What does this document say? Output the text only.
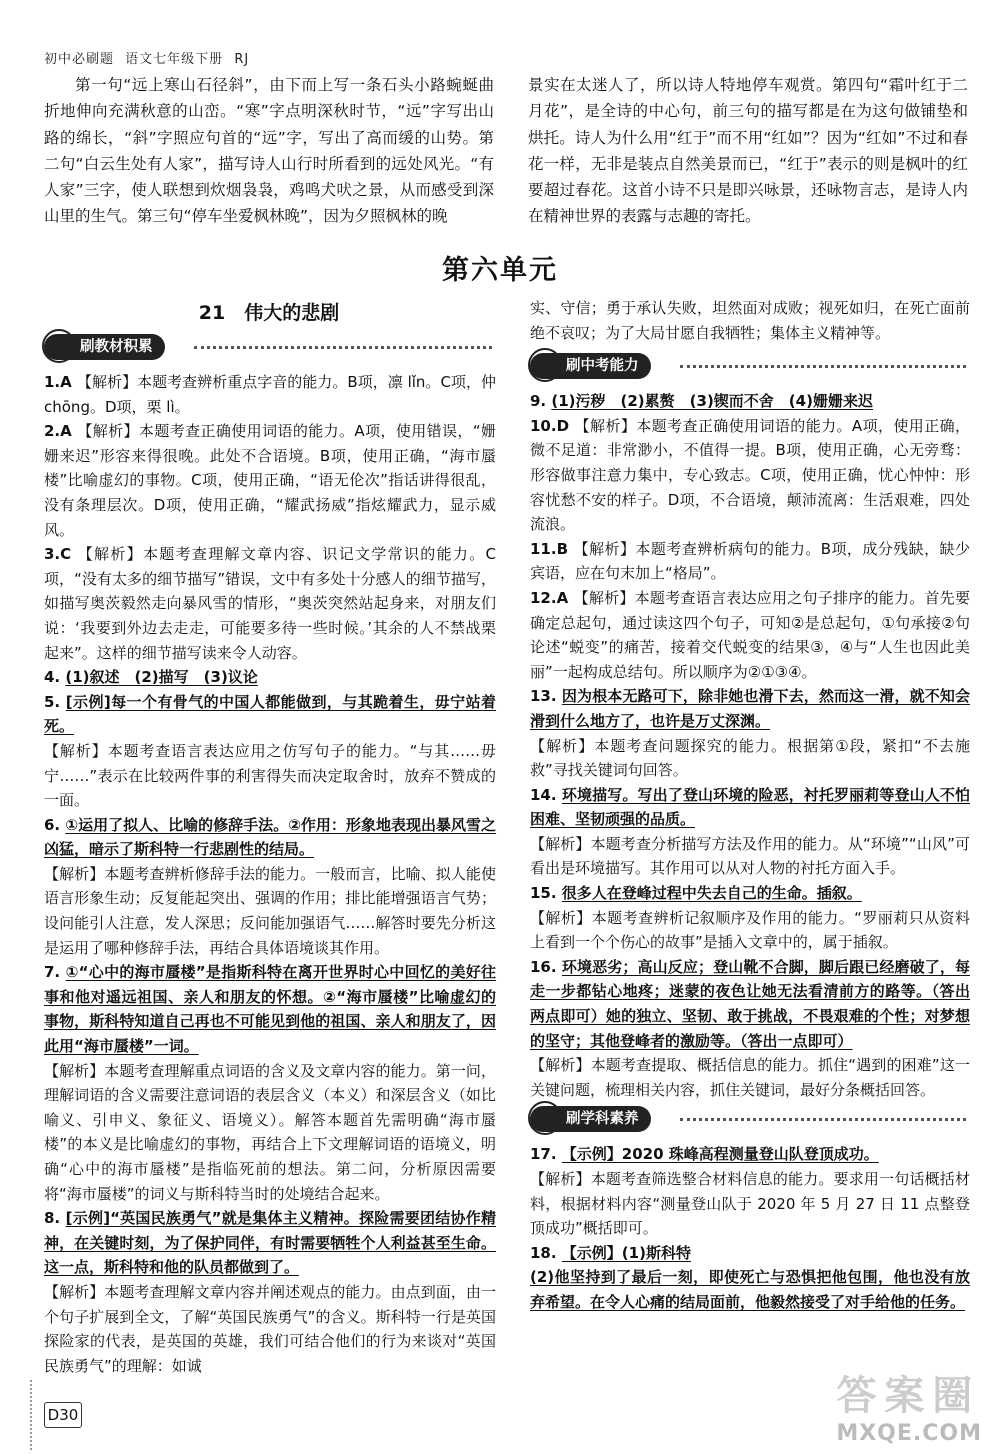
初中必刷题 语文七年级下册 RJ
第一句“远上寒山石径斜”，由下而上写一条石头小路蜿蜒曲折地伸向充满秋意的山峦。“寒”字点明深秋时节，“远”字写出山路的绵长，“斜”字照应句首的“远”字，写出了高而缓的山势。第二句“白云生处有人家”，描写诗人山行时所看到的远处风光。“有人家”三字，使人联想到炊烟袅袅，鸡鸣犬吠之景，从而感受到深山里的生气。第三句“停车坐爱枫林晚”，因为夕照枫林的晚
景实在太迷人了，所以诗人特地停车观赏。第四句“霜叶红于二月花”，是全诗的中心句，前三句的描写都是在为这句做铺垫和烘托。诗人为什么用“红于”而不用“红如”？因为“红如”不过和春花一样，无非是装点自然美景而已，“红于”表示的则是枫叶的红要超过春花。这首小诗不只是即兴咏景，还咏物言志，是诗人内在精神世界的表露与志趣的寄托。
第六单元
21　伟大的悲剧
刷教材积累

1.A 【解析】本题考查辨析重点字音的能力。B项，凛 lǐn。C项，仲 chōng。D项，栗 lì。

2.A 【解析】本题考查正确使用词语的能力。A项，使用错误，“姗姗来迟”形容来得很晚。此处不合语境。B项，使用正确，“海市蜃楼”比喻虚幻的事物。C项，使用正确，“语无伦次”指话讲得很乱，没有条理层次。D项，使用正确，“耀武扬威”指炫耀武力，显示威风。

3.C 【解析】本题考查理解文章内容、识记文学常识的能力。C项，“没有太多的细节描写”错误，文中有多处十分感人的细节描写，如描写奥茨毅然走向暴风雪的情形，“奥茨突然站起身来，对朋友们说：‘我要到外边去走走，可能要多待一些时候。’其余的人不禁战栗起来”。这样的细节描写读来令人动容。

4. (1)叙述　(2)描写　(3)议论

5. [示例]每一个有骨气的中国人都能做到，与其跪着生，毋宁站着死。

【解析】本题考查语言表达应用之仿写句子的能力。“与其……毋宁……”表示在比较两件事的利害得失而决定取舍时，放弃不赞成的一面。

6. ①运用了拟人、比喻的修辞手法。②作用：形象地表现出暴风雪之凶猛，暗示了斯科特一行悲剧性的结局。

【解析】本题考查辨析修辞手法的能力。一般而言，比喻、拟人能使语言形象生动；反复能起突出、强调的作用；排比能增强语言气势；设问能引人注意，发人深思；反问能加强语气……解答时要先分析这是运用了哪种修辞手法，再结合具体语境谈其作用。

7. ①“心中的海市蜃楼”是指斯科特在离开世界时心中回忆的美好往事和他对遥远祖国、亲人和朋友的怀想。②“海市蜃楼”比喻虚幻的事物，斯科特知道自己再也不可能见到他的祖国、亲人和朋友了，因此用“海市蜃楼”一词。

【解析】本题考查理解重点词语的含义及文章内容的能力。第一问，理解词语的含义需要注意词语的表层含义（本义）和深层含义（如比喻义、引申义、象征义、语境义）。解答本题首先需明确“海市蜃楼”的本义是比喻虚幻的事物，再结合上下文理解词语的语境义，明确“心中的海市蜃楼”是指临死前的想法。第二问，分析原因需要将“海市蜃楼”的词义与斯科特当时的处境结合起来。

8. [示例]“英国民族勇气”就是集体主义精神。探险需要团结协作精神，在关键时刻，为了保护同伴，有时需要牺牲个人利益甚至生命。这一点，斯科特和他的队员都做到了。

【解析】本题考查理解文章内容并阐述观点的能力。由点到面，由一个句子扩展到全文，了解“英国民族勇气”的含义。斯科特一行是英国探险家的代表，是英国的英雄，我们可结合他们的行为来谈对“英国民族勇气”的理解：如诚

实、守信；勇于承认失败，坦然面对成败；视死如归，在死亡面前绝不哀叹；为了大局甘愿自我牺牲；集体主义精神等。

刷中考能力

9. (1)污秽　(2)累赘　(3)锲而不舍　(4)姗姗来迟

10.D 【解析】本题考查正确使用词语的能力。A项，使用正确，微不足道：非常渺小，不值得一提。B项，使用正确，心无旁骛：形容做事注意力集中，专心致志。C项，使用正确，忧心忡忡：形容忧愁不安的样子。D项，不合语境，颠沛流离：生活艰难，四处流浪。

11.B 【解析】本题考查辨析病句的能力。B项，成分残缺，缺少宾语，应在句末加上“格局”。

12.A 【解析】本题考查语言表达应用之句子排序的能力。首先要确定总起句，通过读这四个句子，可知②是总起句，①句承接②句论述“蜕变”的痛苦，接着交代蜕变的结果③，④与“人生也因此美丽”一起构成总结句。所以顺序为②①③④。

13. 因为根本无路可下，除非她也滑下去，然而这一滑，就不知会滑到什么地方了，也许是万丈深渊。

【解析】本题考查问题探究的能力。根据第①段，紧扣“不去施救”寻找关键词句回答。

14. 环境描写。写出了登山环境的险恶，衬托罗丽莉等登山人不怕困难、坚韧顽强的品质。

【解析】本题考查分析描写方法及作用的能力。从“环境”“山风”可看出是环境描写。其作用可以从对人物的衬托方面入手。

15. 很多人在登峰过程中失去自己的生命。插叙。

【解析】本题考查辨析记叙顺序及作用的能力。“罗丽莉只从资料上看到一个个伤心的故事”是插入文章中的，属于插叙。

16. 环境恶劣；高山反应；登山靴不合脚，脚后跟已经磨破了，每走一步都钻心地疼；迷蒙的夜色让她无法看清前方的路等。（答出两点即可）她的独立、坚韧、敢于挑战，不畏艰难的个性；对梦想的坚守；其他登峰者的激励等。（答出一点即可）

【解析】本题考查提取、概括信息的能力。抓住“遇到的困难”这一关键问题，梳理相关内容，抓住关键词，最好分条概括回答。

刷学科素养

17. 【示例】2020 珠峰高程测量登山队登顶成功。

【解析】本题考查筛选整合材料信息的能力。要求用一句话概括材料，根据材料内容“测量登山队于 2020 年 5 月 27 日 11 点整登顶成功”概括即可。

18. 【示例】(1)斯科特

(2)他坚持到了最后一刻，即使死亡与恐惧把他包围，他也没有放弃希望。在令人心痛的结局面前，他毅然接受了对手给他的任务。

D30	答案圈
MXQE.COM
